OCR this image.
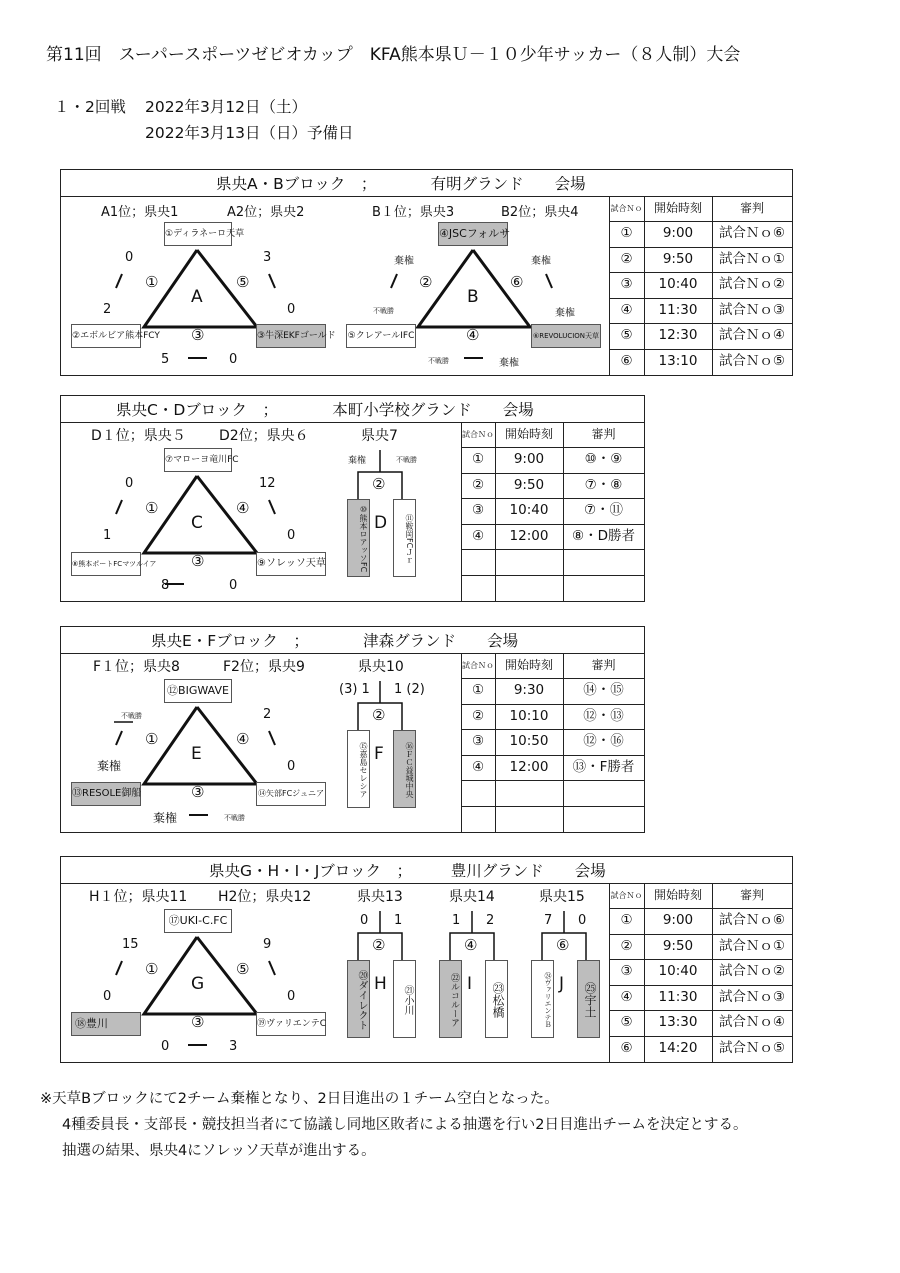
第11回　スーパースポーツゼビオカップ　KFA熊本県Ｕ－１０少年サッカー（８人制）大会
１・2回戦 2022年3月12日（土）
2022年3月13日（日）予備日
県央A・Bブロック　；　　　　有明グランド　　会場
A1位；県央1	A2位；県央2	B１位；県央3	B2位；県央4
①ディラネーロ天草
②エボルビア熊本FCY	③牛深EKFゴールド
A
0
2
3
0
5	0
①	⑤
③
④JSCフォルサ
⑤クレアールIFC	⑥REVOLUCION天草
B
棄権
不戦勝
棄権
棄権
不戦勝	棄権
②	⑥
④
試合Ｎｏ 開始時刻	審判
①	9:00	試合Ｎｏ⑥
②	9:50	試合Ｎｏ①
③	10:40	試合Ｎｏ②
④	11:30	試合Ｎｏ③
⑤	12:30	試合Ｎｏ④
⑥	13:10	試合Ｎｏ⑤
県央C・Dブロック　；　　　　本町小学校グランド　　会場
D１位；県央５ D2位；県央６	県央7
⑦マローヨ竜川FC
⑧熊本ポートFCマツルイア	⑨ソレッソ天草
C
0
1
12
0
8	0
①	④
③
棄権	不戦勝
②
⑩熊本ロアッソFC	⑪鞍岡FCＪｒ
D
試合Ｎｏ 開始時刻	審判
①	9:00	⑩・⑨
②	9:50	⑦・⑧
③	10:40	⑦・⑪
④	12:00	⑧・D勝者
県央E・Fブロック　；　　　　津森グランド　　会場
F１位；県央8	F2位；県央9	県央10
⑫BIGWAVE
⑬RESOLE御船	⑭矢部FCジュニア
E
不戦勝
棄権
2
0
棄権	不戦勝
①	④
③
(3) 1 1 (2)
②
⑮嘉島セレシア	⑯ＦＣ益城中央
F
試合Ｎｏ 開始時刻	審判
①	9:30	⑭・⑮
②	10:10	⑫・⑬
③	10:50	⑫・⑯
④	12:00	⑬・F勝者
県央G・H・I・Jブロック　；　　　豊川グランド　　会場
H１位；県央11 H2位；県央12	県央13	県央14	県央15
⑰UKI-C.FC
⑱豊川	⑲ヴァリエンテC
G
15
0
9
0
0	3
①	⑤
③
0 1
②
⑳ダイレクト	㉑小川
H
1 2
④
㉒ルコルーア	㉓松橋
I
7 0
⑥
㉔ヴァリエンテＢ	㉕宇土
J
試合Ｎｏ 開始時刻	審判
①	9:00	試合Ｎｏ⑥
②	9:50	試合Ｎｏ①
③	10:40	試合Ｎｏ②
④	11:30	試合Ｎｏ③
⑤	13:30	試合Ｎｏ④
⑥	14:20	試合Ｎｏ⑤
※天草Bブロックにて2チーム棄権となり、2日目進出の１チーム空白となった。
4種委員長・支部長・競技担当者にて協議し同地区敗者による抽選を行い2日目進出チームを決定とする。
抽選の結果、県央4にソレッソ天草が進出する。
